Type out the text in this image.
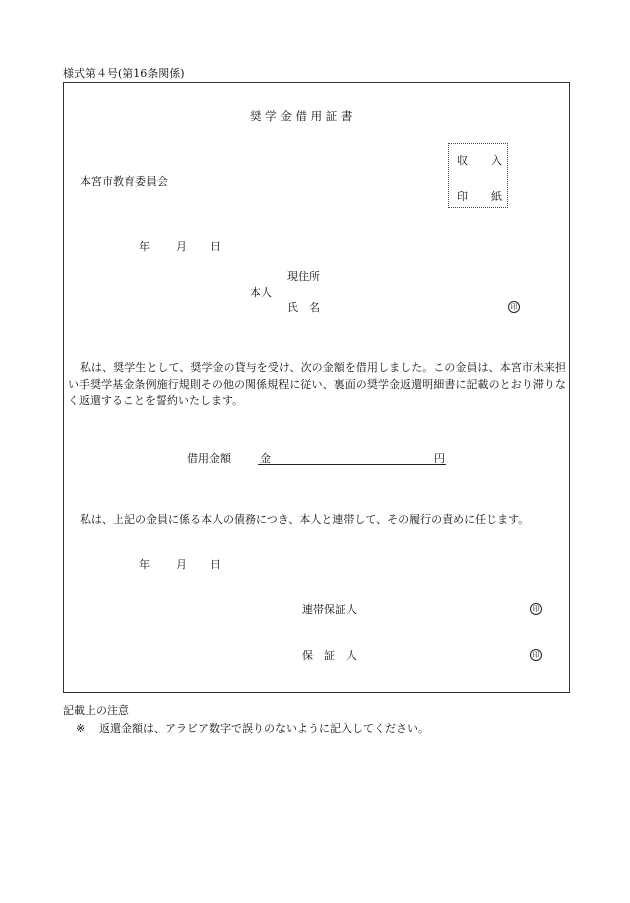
様式第４号(第16条関係)
奨 学 金 借 用 証 書
本宮市教育委員会
収 入
印 紙
年 月 日
現住所
本人
氏　名	印
私は、奨学生として、奨学金の貸与を受け、次の金額を借用しました。この金員は、本宮市未来担い手奨学基金条例施行規則その他の関係規程に従い、裏面の奨学金返還明細書に記載のとおり滞りなく返還することを誓約いたします。
借用金額	金	円
私は、上記の金員に係る本人の債務につき、本人と連帯して、その履行の責めに任じます。
年 月 日
連帯保証人	印
保　証　人	印
記載上の注意
※ 返還金額は、アラビア数字で誤りのないように記入してください。
